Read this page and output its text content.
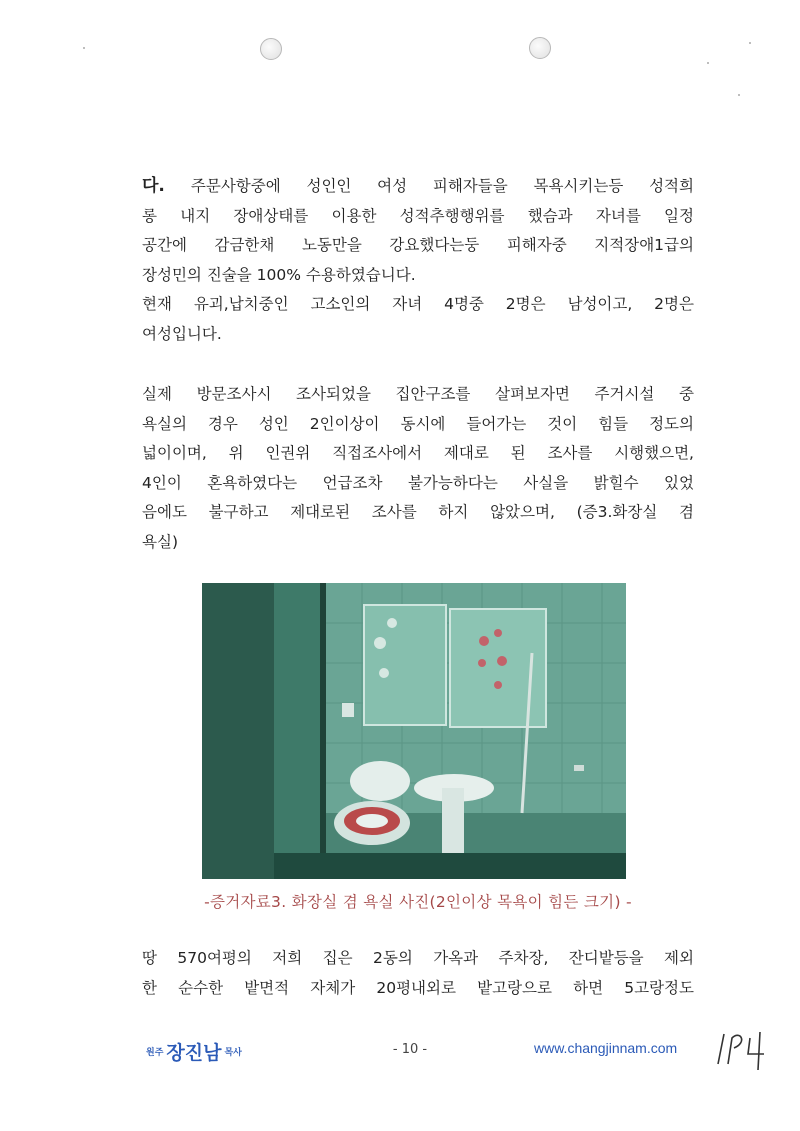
다. 주문사항중에 성인인 여성 피해자들을 목욕시키는등 성적희
롱 내지 장애상태를 이용한 성적추행행위를 했슴과 자녀를 일정
공간에 감금한채 노동만을 강요했다는둥 피해자중 지적장애1급의
장성민의 진술을 100% 수용하였습니다.
현재 유괴,납치중인 고소인의 자녀 4명중 2명은 남성이고, 2명은
여성입니다.
실제 방문조사시 조사되었을 집안구조를 살펴보자면 주거시설 중
욕실의 경우 성인 2인이상이 동시에 들어가는 것이 힘들 정도의
넓이이며, 위 인권위 직접조사에서 제대로 된 조사를 시행했으면,
4인이 혼욕하였다는 언급조차 불가능하다는 사실을 밝힐수 있었
음에도 불구하고 제대로된 조사를 하지 않았으며, (증3.화장실 겸
욕실)
-증거자료3. 화장실 겸 욕실 사진(2인이상 목욕이 힘든 크기) -
땅 570여평의 저희 집은 2동의 가옥과 주차장, 잔디밭등을 제외
한 순수한 밭면적 자체가 20평내외로 밭고랑으로 하면 5고랑정도
원주 장진남 목사	- 10 -	www.changjinnam.com
